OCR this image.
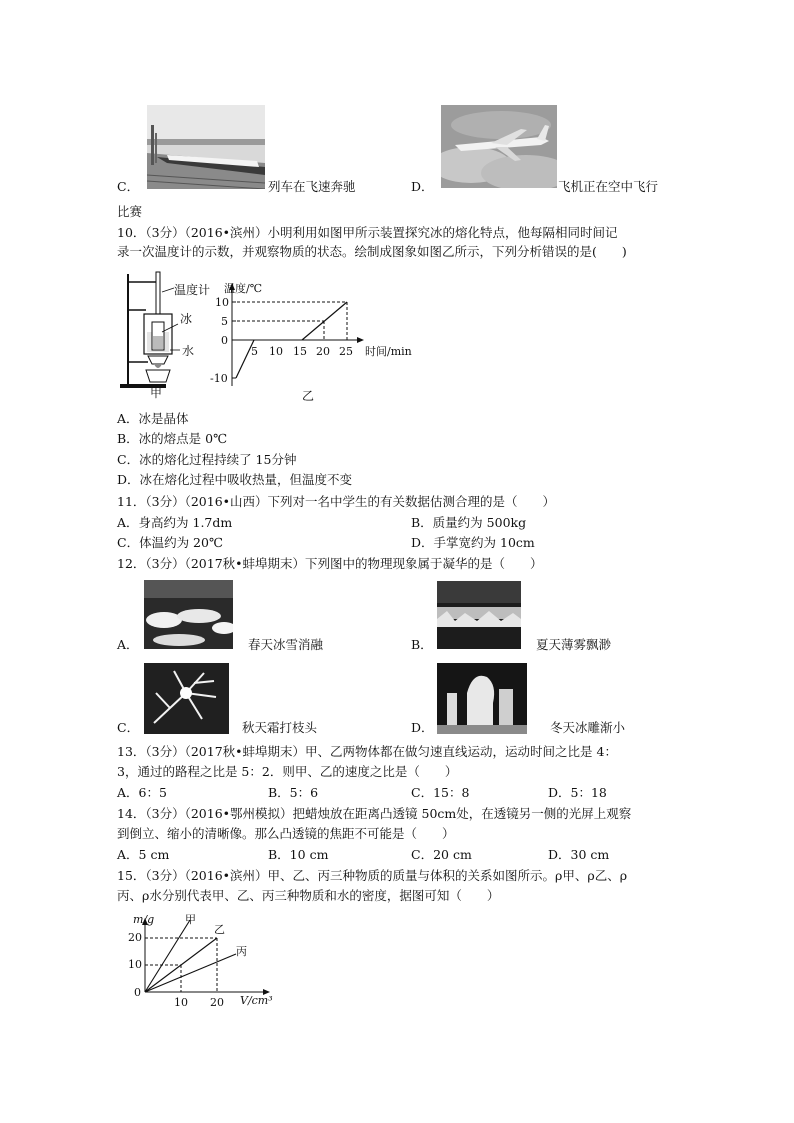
C．	列车在飞速奔驰	D．	飞机正在空中飞行
比赛
10．（3分）（2016•滨州）小明利用如图甲所示装置探究冰的熔化特点，他每隔相同时间记
录一次温度计的示数，并观察物质的状态。绘制成图象如图乙所示，下列分析错误的是(　　)
温度计
冰
水
甲
温度/℃
10
5
0
-10
5 10 15 20 25 时间/min
乙
A．冰是晶体
B．冰的熔点是 0℃
C．冰的熔化过程持续了 15分钟
D．冰在熔化过程中吸收热量，但温度不变
11．（3分）（2016•山西）下列对一名中学生的有关数据估测合理的是（　　）
A．身高约为 1.7dm	B．质量约为 500kg
C．体温约为 20℃	D．手掌宽约为 10cm
12．（3分）（2017秋•蚌埠期末）下列图中的物理现象属于凝华的是（　　）
A．	春天冰雪消融	B．	夏天薄雾飘渺
C．	秋天霜打枝头	D．	冬天冰雕渐小
13．（3分）（2017秋•蚌埠期末）甲、乙两物体都在做匀速直线运动，运动时间之比是 4：
3，通过的路程之比是 5：2．则甲、乙的速度之比是（　　）
A．6：5	B．5：6	C．15：8	D．5：18
14．（3分）（2016•鄂州模拟）把蜡烛放在距离凸透镜 50cm处，在透镜另一侧的光屏上观察
到倒立、缩小的清晰像。那么凸透镜的焦距不可能是（　　）
A．5 cm	B．10 cm	C．20 cm	D．30 cm
15．（3分）（2016•滨州）甲、乙、丙三种物质的质量与体积的关系如图所示。ρ甲、ρ乙、ρ
丙、ρ水分别代表甲、乙、丙三种物质和水的密度，据图可知（　　）
m/g
20
10
0
10 20 V/cm³
甲
乙
丙
